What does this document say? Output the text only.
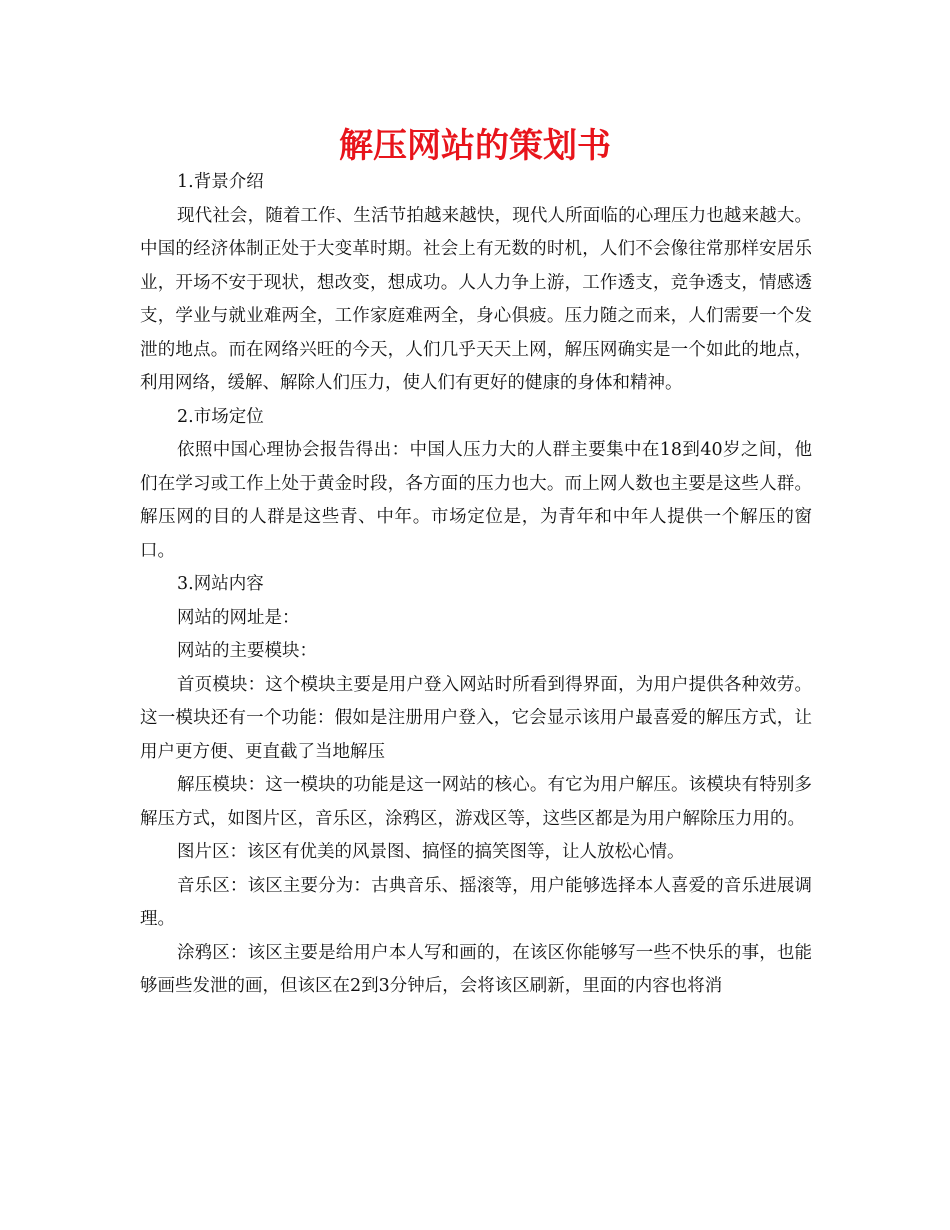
解压网站的策划书

1.背景介绍

现代社会，随着工作、生活节拍越来越快，现代人所面临的心理压力也越来越大。中国的经济体制正处于大变革时期。社会上有无数的时机，人们不会像往常那样安居乐业，开场不安于现状，想改变，想成功。人人力争上游，工作透支，竞争透支，情感透支，学业与就业难两全，工作家庭难两全，身心俱疲。压力随之而来，人们需要一个发泄的地点。而在网络兴旺的今天，人们几乎天天上网，解压网确实是一个如此的地点，利用网络，缓解、解除人们压力，使人们有更好的健康的身体和精神。

2.市场定位

依照中国心理协会报告得出：中国人压力大的人群主要集中在18到40岁之间，他们在学习或工作上处于黄金时段，各方面的压力也大。而上网人数也主要是这些人群。解压网的目的人群是这些青、中年。市场定位是，为青年和中年人提供一个解压的窗口。

3.网站内容

网站的网址是：

网站的主要模块：

首页模块：这个模块主要是用户登入网站时所看到得界面，为用户提供各种效劳。这一模块还有一个功能：假如是注册用户登入，它会显示该用户最喜爱的解压方式，让用户更方便、更直截了当地解压

解压模块：这一模块的功能是这一网站的核心。有它为用户解压。该模块有特别多解压方式，如图片区，音乐区，涂鸦区，游戏区等，这些区都是为用户解除压力用的。

图片区：该区有优美的风景图、搞怪的搞笑图等，让人放松心情。

音乐区：该区主要分为：古典音乐、摇滚等，用户能够选择本人喜爱的音乐进展调理。

涂鸦区：该区主要是给用户本人写和画的，在该区你能够写一些不快乐的事，也能够画些发泄的画，但该区在2到3分钟后，会将该区刷新，里面的内容也将消
